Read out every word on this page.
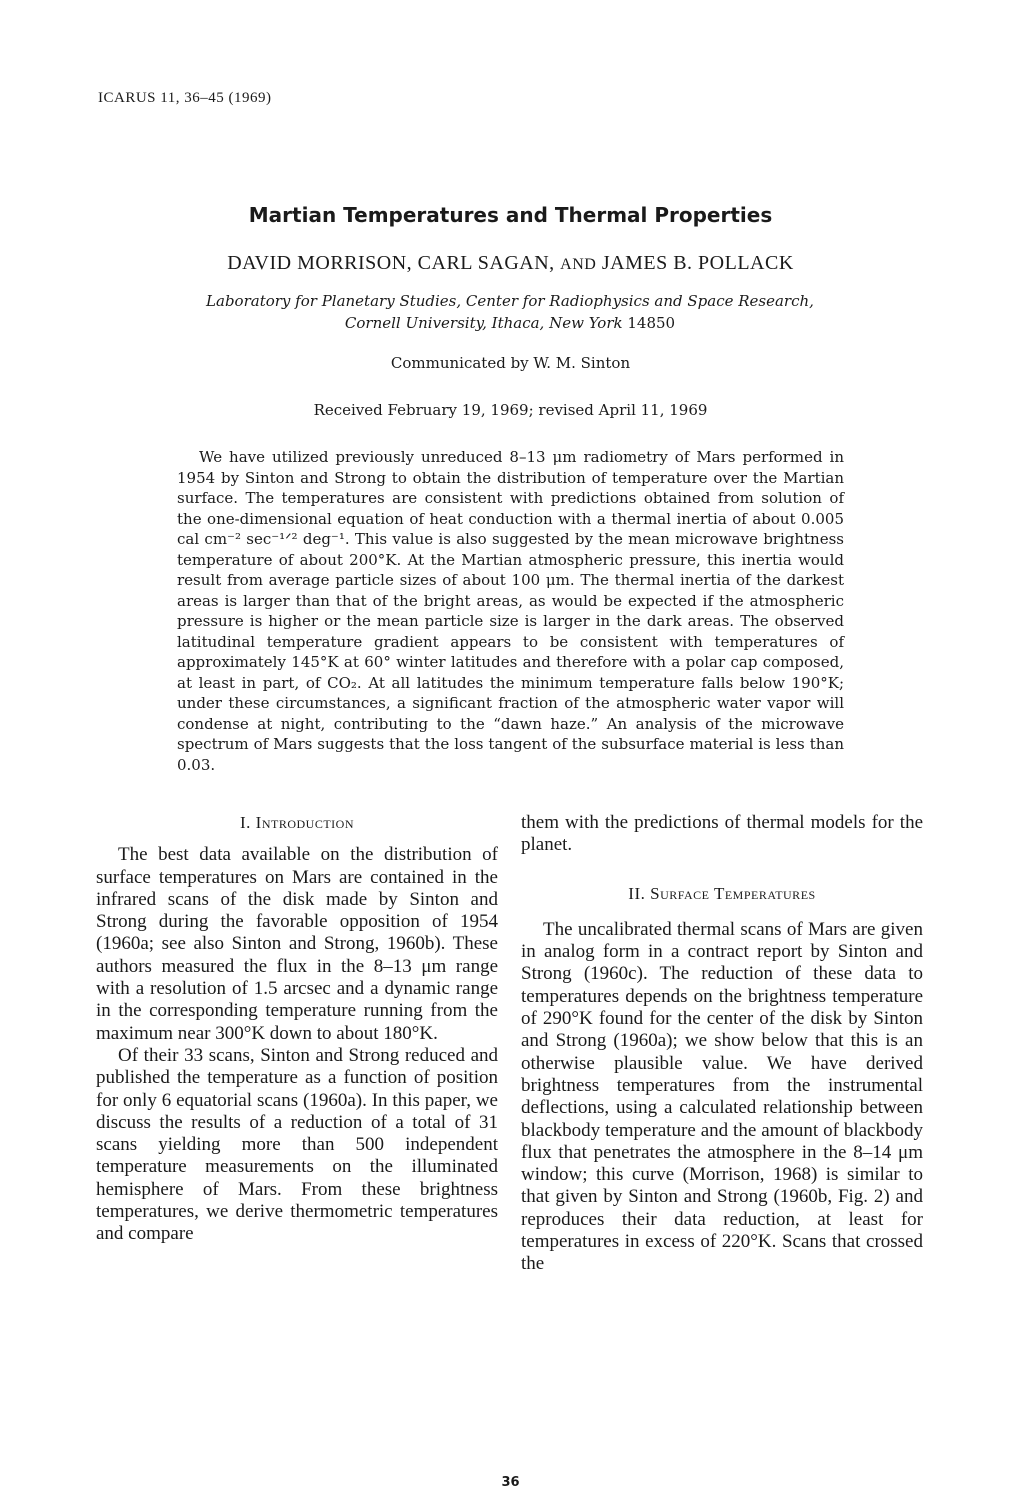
ICARUS 11, 36–45 (1969)
Martian Temperatures and Thermal Properties
DAVID MORRISON, CARL SAGAN, AND JAMES B. POLLACK
Laboratory for Planetary Studies, Center for Radiophysics and Space Research,
Cornell University, Ithaca, New York 14850
Communicated by W. M. Sinton
Received February 19, 1969; revised April 11, 1969
We have utilized previously unreduced 8–13 μm radiometry of Mars performed in 1954 by Sinton and Strong to obtain the distribution of temperature over the Martian surface. The temperatures are consistent with predictions obtained from solution of the one-dimensional equation of heat conduction with a thermal inertia of about 0.005 cal cm⁻² sec⁻¹ᐟ² deg⁻¹. This value is also suggested by the mean microwave brightness temperature of about 200°K. At the Martian atmospheric pressure, this inertia would result from average particle sizes of about 100 μm. The thermal inertia of the darkest areas is larger than that of the bright areas, as would be expected if the atmospheric pressure is higher or the mean particle size is larger in the dark areas. The observed latitudinal temperature gradient appears to be consistent with temperatures of approximately 145°K at 60° winter latitudes and therefore with a polar cap composed, at least in part, of CO₂. At all latitudes the minimum temperature falls below 190°K; under these circumstances, a significant fraction of the atmospheric water vapor will condense at night, contributing to the “dawn haze.” An analysis of the microwave spectrum of Mars suggests that the loss tangent of the subsurface material is less than 0.03.
I. Introduction

The best data available on the distribution of surface temperatures on Mars are contained in the infrared scans of the disk made by Sinton and Strong during the favorable opposition of 1954 (1960a; see also Sinton and Strong, 1960b). These authors measured the flux in the 8–13 μm range with a resolution of 1.5 arcsec and a dynamic range in the corresponding temperature running from the maximum near 300°K down to about 180°K.

Of their 33 scans, Sinton and Strong reduced and published the temperature as a function of position for only 6 equatorial scans (1960a). In this paper, we discuss the results of a reduction of a total of 31 scans yielding more than 500 independent temperature measurements on the illuminated hemisphere of Mars. From these brightness temperatures, we derive thermometric temperatures and compare

them with the predictions of thermal models for the planet.

II. Surface Temperatures

The uncalibrated thermal scans of Mars are given in analog form in a contract report by Sinton and Strong (1960c). The reduction of these data to temperatures depends on the brightness temperature of 290°K found for the center of the disk by Sinton and Strong (1960a); we show below that this is an otherwise plausible value. We have derived brightness temperatures from the instrumental deflections, using a calculated relationship between blackbody temperature and the amount of blackbody flux that penetrates the atmosphere in the 8–14 μm window; this curve (Morrison, 1968) is similar to that given by Sinton and Strong (1960b, Fig. 2) and reproduces their data reduction, at least for temperatures in excess of 220°K. Scans that crossed the

36
